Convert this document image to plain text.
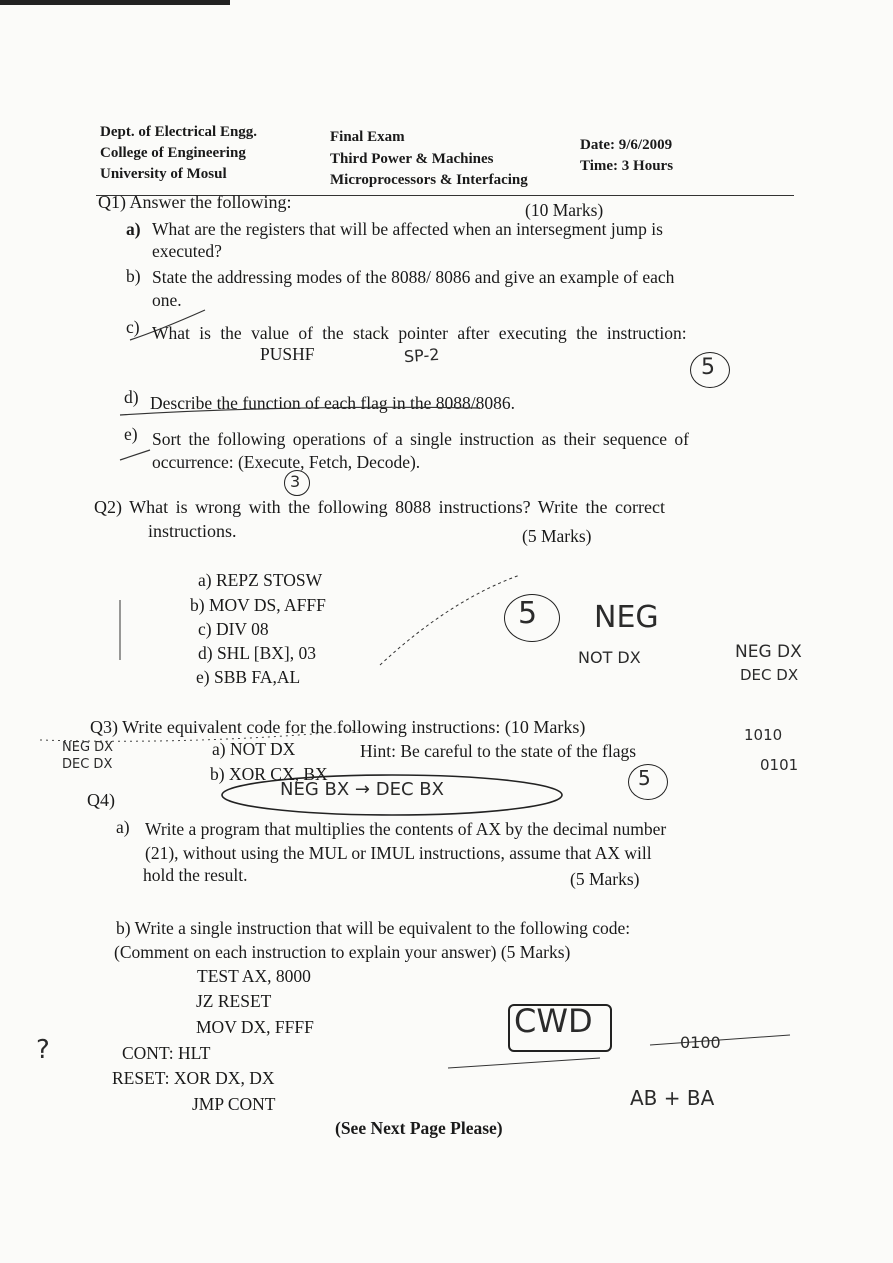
Dept. of Electrical Engg.
College of Engineering
University of Mosul
Final Exam
Third Power & Machines
Microprocessors & Interfacing
Date: 9/6/2009
Time: 3 Hours
Q1) Answer the following:	(10 Marks)
a) What are the registers that will be affected when an intersegment jump is
executed?
b) State the addressing modes of the 8088/ 8086 and give an example of each
one.
c) What is the value of the stack pointer after executing the instruction:
PUSHF
d) Describe the function of each flag in the 8088/8086.
e) Sort the following operations of a single instruction as their sequence of
occurrence: (Execute, Fetch, Decode).
Q2) What is wrong with the following 8088 instructions? Write the correct
instructions.	(5 Marks)
a) REPZ STOSW
b) MOV DS, AFFF
c) DIV 08
d) SHL [BX], 03
e) SBB FA,AL
Q3) Write equivalent code for the following instructions: (10 Marks)
a) NOT DX	Hint: Be careful to the state of the flags
b) XOR CX, BX
Q4)
a) Write a program that multiplies the contents of AX by the decimal number
(21), without using the MUL or IMUL instructions, assume that AX will
hold the result.	(5 Marks)
b) Write a single instruction that will be equivalent to the following code:
(Comment on each instruction to explain your answer) (5 Marks)
TEST AX, 8000
JZ RESET
MOV DX, FFFF
CONT: HLT
RESET: XOR DX, DX
JMP CONT
(See Next Page Please)
SP-2	5
3
5 NEG
NOT DX	NEG DX
DEC DX
NEG BX → DEC BX	5
NEG DX
DEC DX
1010
0101
CWD
0100
AB + BA
?
